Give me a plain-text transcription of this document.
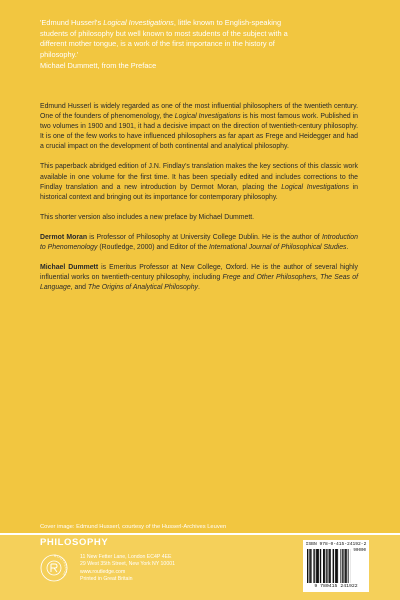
'Edmund Husserl's Logical Investigations, little known to English-speaking students of philosophy but well known to most students of the subject with a different mother tongue, is a work of the first importance in the history of philosophy.'

Michael Dummett, from the Preface

Edmund Husserl is widely regarded as one of the most influential philosophers of the twentieth century. One of the founders of phenomenology, the Logical Investigations is his most famous work. Published in two volumes in 1900 and 1901, it had a decisive impact on the direction of twentieth-century philosophy. It is one of the few works to have influenced philosophers as far apart as Frege and Heidegger and had a crucial impact on the development of both continental and analytical philosophy.

This paperback abridged edition of J.N. Findlay's translation makes the key sections of this classic work available in one volume for the first time. It has been specially edited and includes corrections to the Findlay translation and a new introduction by Dermot Moran, placing the Logical Investigations in historical context and bringing out its importance for contemporary philosophy.

This shorter version also includes a new preface by Michael Dummett.

Dermot Moran is Professor of Philosophy at University College Dublin. He is the author of Introduction to Phenomenology (Routledge, 2000) and Editor of the International Journal of Philosophical Studies.

Michael Dummett is Emeritus Professor at New College, Oxford. He is the author of several highly influential works on twentieth-century philosophy, including Frege and Other Philosophers, The Seas of Language, and The Origins of Analytical Philosophy.

Cover image: Edmund Husserl, courtesy of the Husserl-Archives Leuven
PHILOSOPHY
ROUTLEDGE
11 New Fetter Lane, London EC4P 4EE
29 West 35th Street, New York NY 10001
www.routledge.com
Printed in Great Britain
ISBN 978-0-415-24192-2
90000
9 780415 241922
